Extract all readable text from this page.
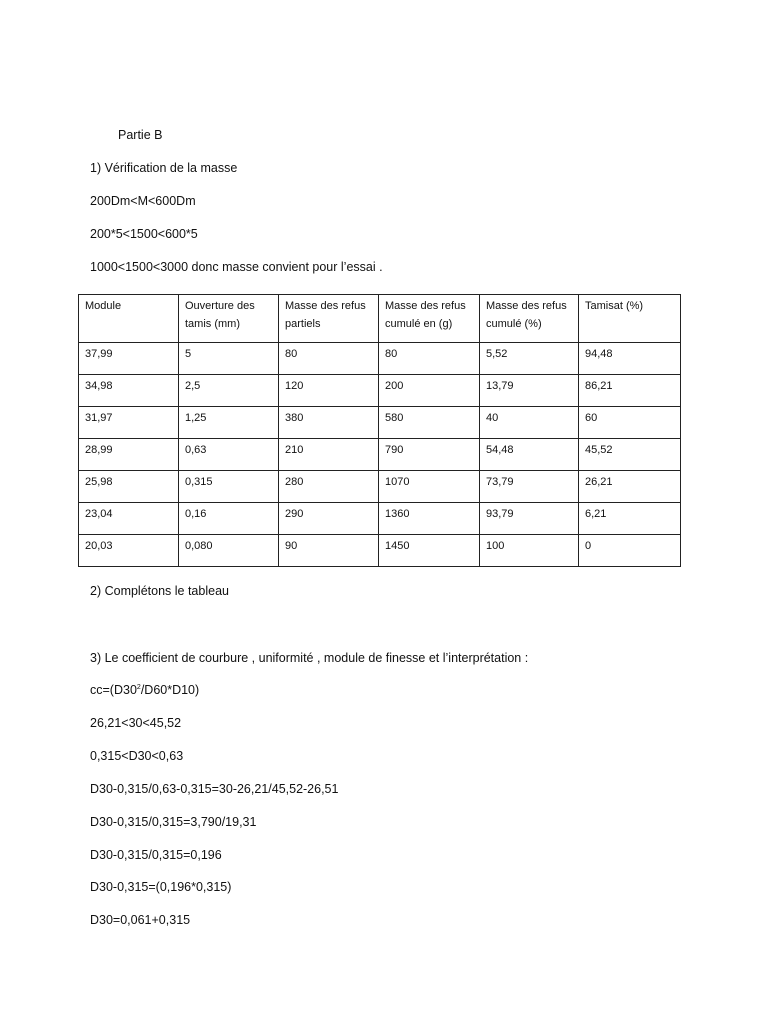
Partie B
1) Vérification de la masse
200Dm<M<600Dm
200*5<1500<600*5
1000<1500<3000 donc masse convient pour l’essai .
Module	Ouverture des tamis (mm)	Masse des refus partiels	Masse des refus cumulé en (g)	Masse des refus cumulé (%)	Tamisat (%)
37,99	5	80	80	5,52	94,48
34,98	2,5	120	200	13,79	86,21
31,97	1,25	380	580	40	60
28,99	0,63	210	790	54,48	45,52
25,98	0,315	280	1070	73,79	26,21
23,04	0,16	290	1360	93,79	6,21
20,03	0,080	90	1450	100	0
2) Complétons le tableau
3) Le coefficient de courbure , uniformité , module de finesse et l’interprétation :
$cc=(D30^2/D60*D10)$
26,21<30<45,52
0,315<D30<0,63
D30-0,315/0,63-0,315=30-26,21/45,52-26,51
D30-0,315/0,315=3,790/19,31
D30-0,315/0,315=0,196
D30-0,315=(0,196*0,315)
D30=0,061+0,315
